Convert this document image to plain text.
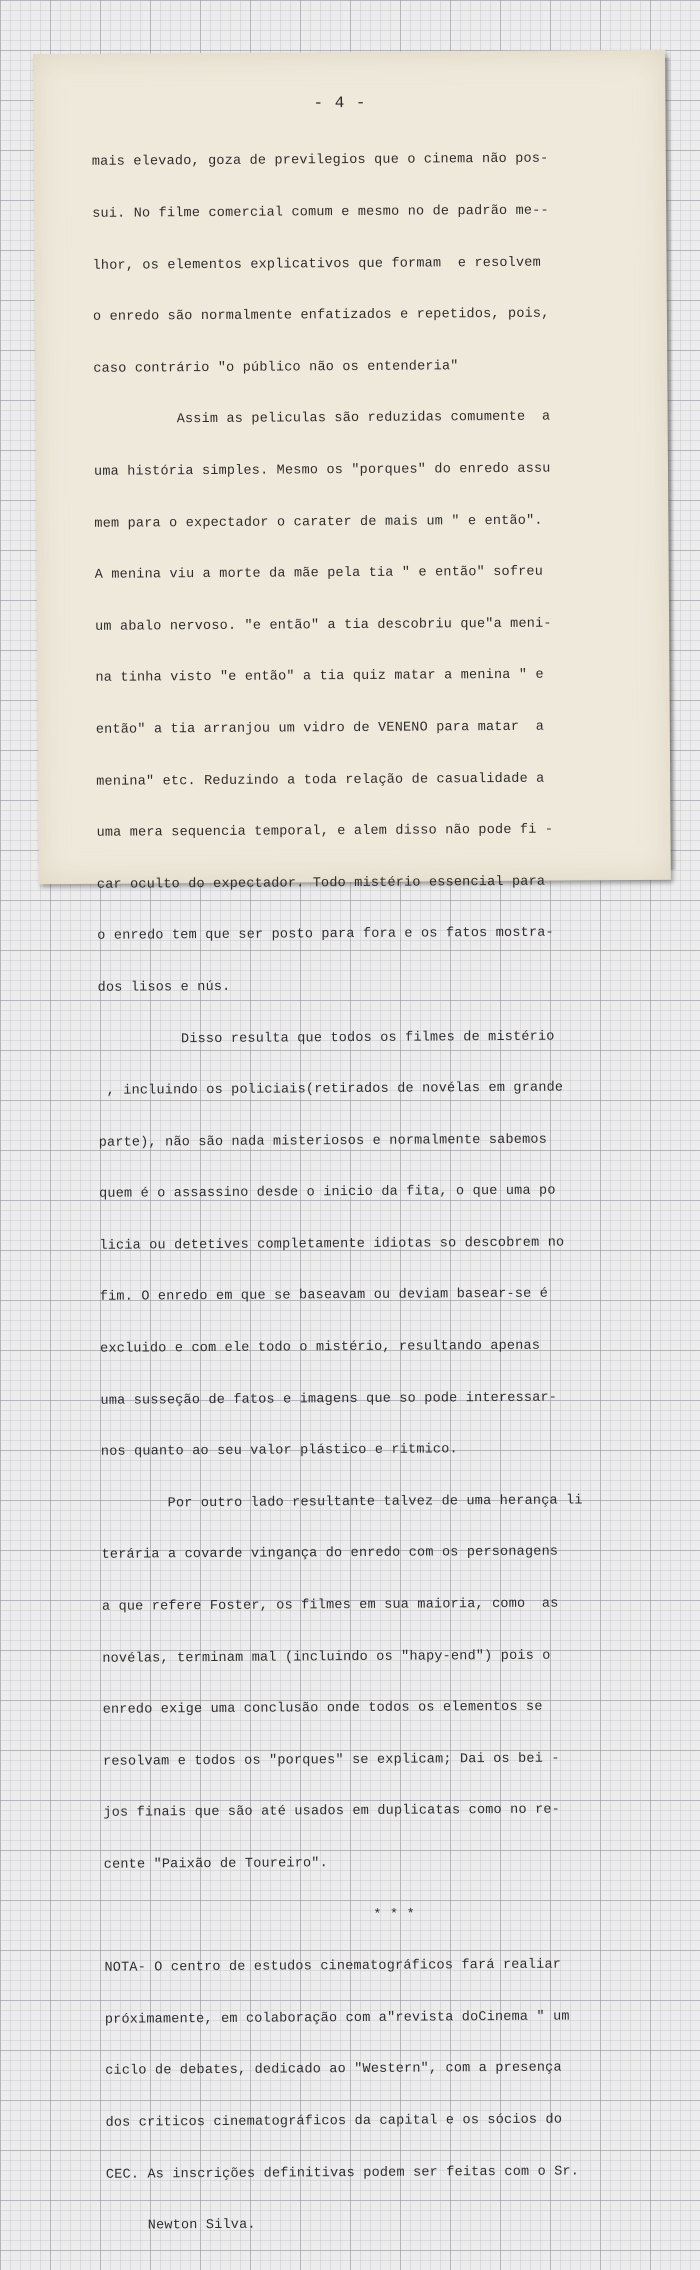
- 4 -

mais elevado, goza de previlegios que o cinema não pos-

sui. No filme comercial comum e mesmo no de padrão me--

lhor, os elementos explicativos que formam  e resolvem

o enredo são normalmente enfatizados e repetidos, pois,

caso contrário "o público não os entenderia"

Assim as peliculas são reduzidas comumente  a

uma história simples. Mesmo os "porques" do enredo assu

mem para o expectador o carater de mais um " e então".

A menina viu a morte da mãe pela tia " e então" sofreu

um abalo nervoso. "e então" a tia descobriu que"a meni-

na tinha visto "e então" a tia quiz matar a menina " e

então" a tia arranjou um vidro de VENENO para matar  a

menina" etc. Reduzindo a toda relação de casualidade a

uma mera sequencia temporal, e alem disso não pode fi -

car oculto do expectador. Todo mistério essencial para

o enredo tem que ser posto para fora e os fatos mostra-

dos lisos e nús.

Disso resulta que todos os filmes de mistério

, incluindo os policiais(retirados de novélas em grande

parte), não são nada misteriosos e normalmente sabemos

quem é o assassino desde o inicio da fita, o que uma po

licia ou detetives completamente idiotas so descobrem no

fim. O enredo em que se baseavam ou deviam basear-se é

excluido e com ele todo o mistério, resultando apenas

uma susseção de fatos e imagens que so pode interessar-

nos quanto ao seu valor plástico e ritmico.

Por outro lado resultante talvez de uma herança li

terária a covarde vingança do enredo com os personagens

a que refere Foster, os filmes em sua maioria, como  as

novélas, terminam mal (incluindo os "hapy-end") pois o

enredo exige uma conclusão onde todos os elementos se

resolvam e todos os "porques" se explicam; Dai os bei -

jos finais que são até usados em duplicatas como no re-

cente "Paixão de Toureiro".

* * *

NOTA- O centro de estudos cinematográficos fará realiar

próximamente, em colaboração com a"revista doCinema " um

ciclo de debates, dedicado ao "Western", com a presença

dos criticos cinematográficos da capital e os sócios do

CEC. As inscrições definitivas podem ser feitas com o Sr.

Newton Silva.
